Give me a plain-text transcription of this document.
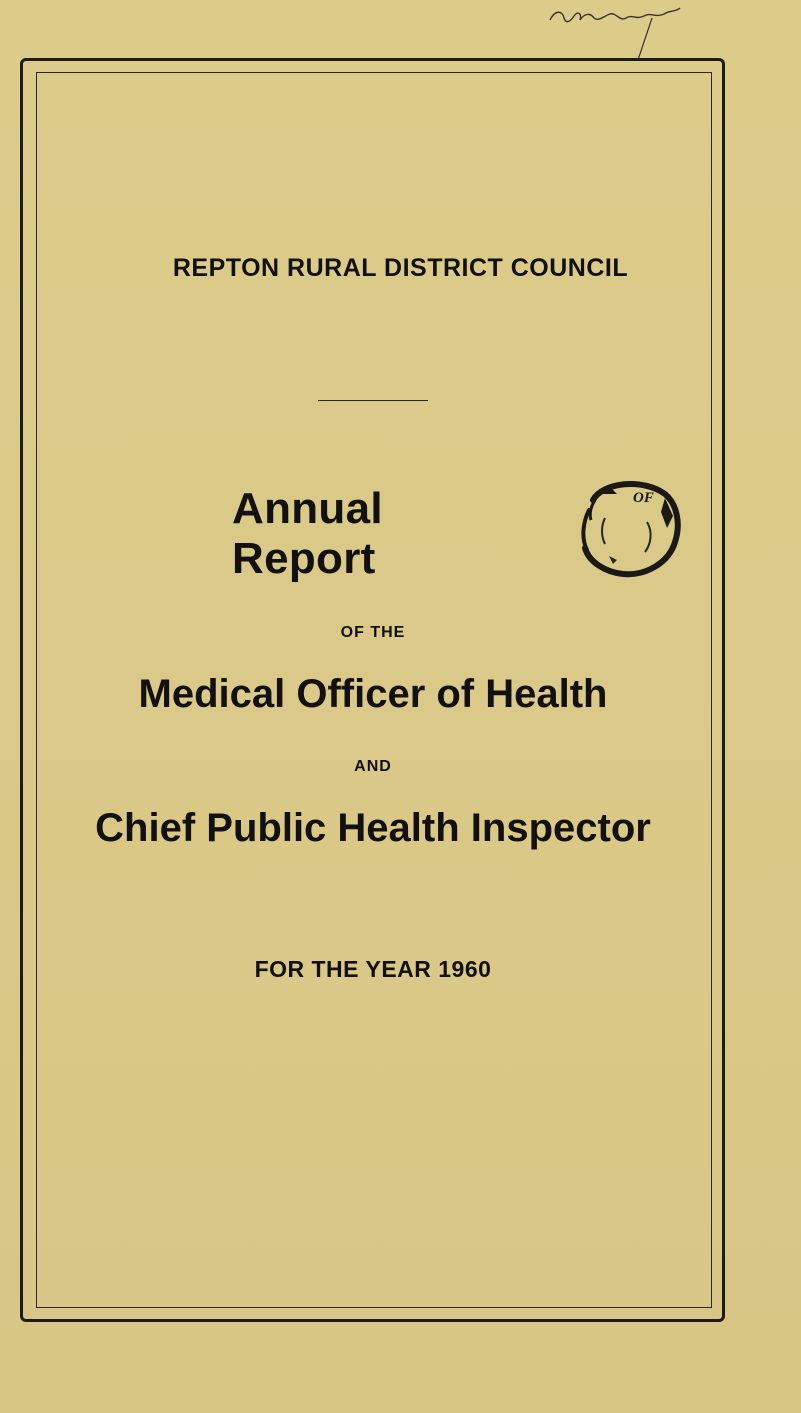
REPTON RURAL DISTRICT COUNCIL
Annual Report
OF
OF THE
Medical Officer of Health
AND
Chief Public Health Inspector
FOR THE YEAR 1960
